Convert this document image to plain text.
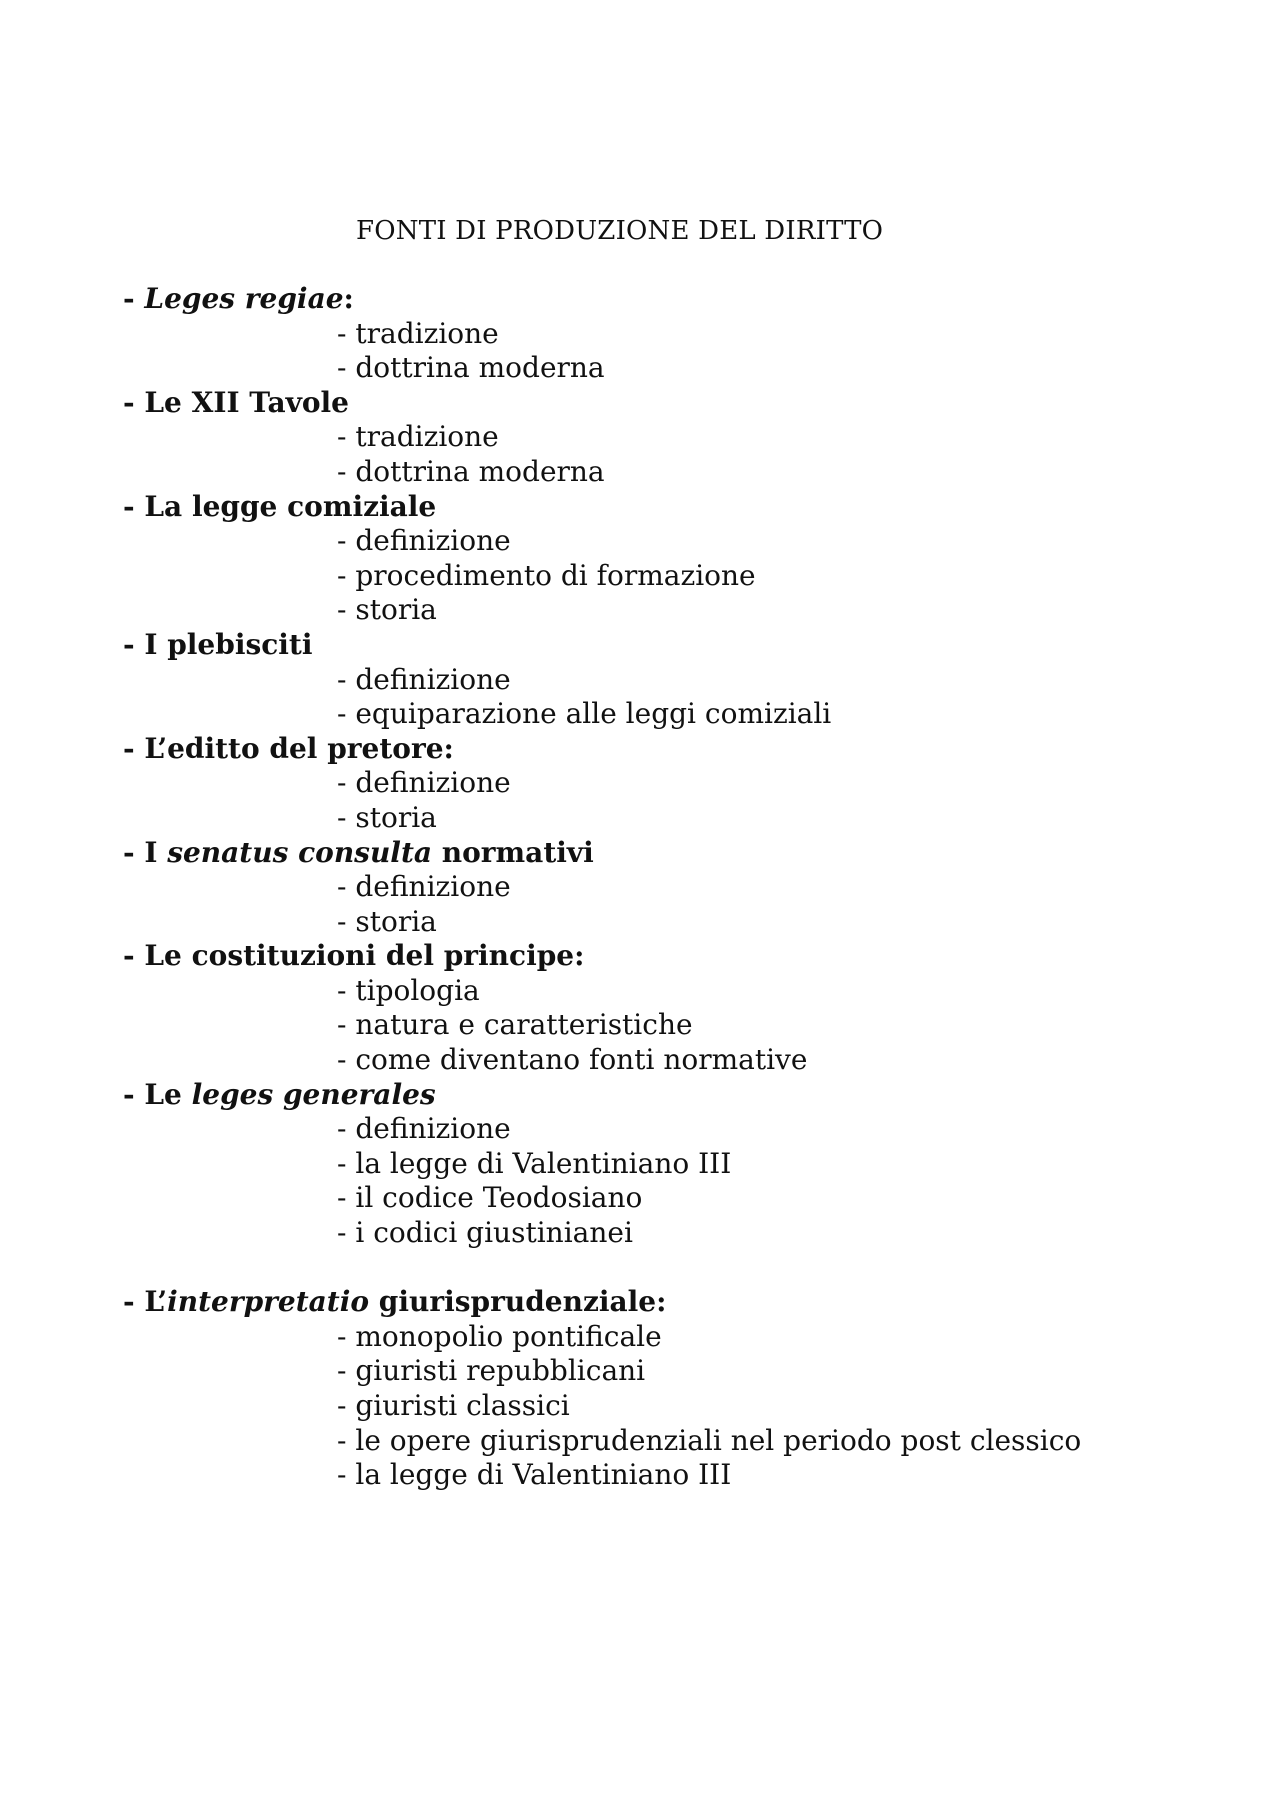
FONTI DI PRODUZIONE DEL DIRITTO
- Leges regiae:
- tradizione
- dottrina moderna
- Le XII Tavole
- tradizione
- dottrina moderna
- La legge comiziale
- definizione
- procedimento di formazione
- storia
- I plebisciti
- definizione
- equiparazione alle leggi comiziali
- L’editto del pretore:
- definizione
- storia
- I senatus consulta normativi
- definizione
- storia
- Le costituzioni del principe:
- tipologia
- natura e caratteristiche
- come diventano fonti normative
- Le leges generales
- definizione
- la legge di Valentiniano III
- il codice Teodosiano
- i codici giustinianei
- L’interpretatio giurisprudenziale:
- monopolio pontificale
- giuristi repubblicani
- giuristi classici
- le opere giurisprudenziali nel periodo post clessico
- la legge di Valentiniano III
